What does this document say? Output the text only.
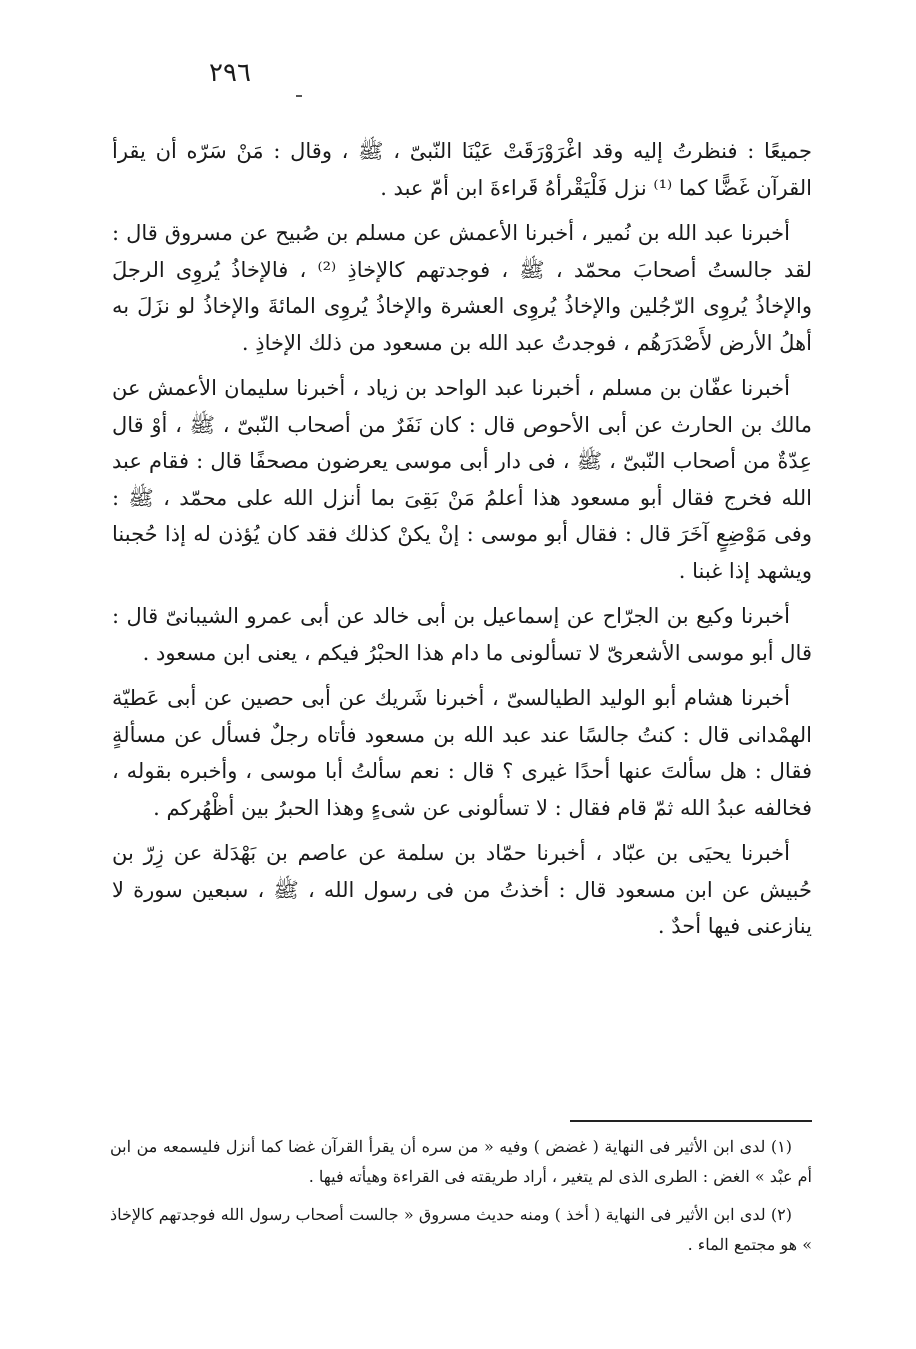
٢٩٦

جميعًا : فنظرتُ إليه وقد اغْرَوْرَقَتْ عَيْنَا النّبىّ ، ﷺ ، وقال : مَنْ سَرّه أن يقرأ القرآن غَضًّا كما ⁽¹⁾ نزل فَلْيَقْرأهُ قَراءةَ ابن أمّ عبد .

أخبرنا عبد الله بن نُمير ، أخبرنا الأعمش عن مسلم بن صُبيح عن مسروق قال : لقد جالستُ أصحابَ محمّد ، ﷺ ، فوجدتهم كالإخاذِ ⁽²⁾ ، فالإخاذُ يُروِى الرجلَ والإخاذُ يُروِى الرّجُلين والإخاذُ يُروِى العشرة والإخاذُ يُروِى المائةَ والإخاذُ لو نزَلَ به أهلُ الأرض لأَصْدَرَهُم ، فوجدتُ عبد الله بن مسعود من ذلك الإخاذِ .

أخبرنا عفّان بن مسلم ، أخبرنا عبد الواحد بن زياد ، أخبرنا سليمان الأعمش عن مالك بن الحارث عن أبى الأحوص قال : كان نَفَرٌ من أصحاب النّبىّ ، ﷺ ، أوْ قال عِدّةٌ من أصحاب النّبىّ ، ﷺ ، فى دار أبى موسى يعرضون مصحفًا قال : فقام عبد الله فخرج فقال أبو مسعود هذا أعلمُ مَنْ بَقِىَ بما أنزل الله على محمّد ، ﷺ : وفى مَوْضِعٍ آخَرَ قال : فقال أبو موسى : إنْ يكنْ كذلك فقد كان يُؤذن له إذا حُجبنا ويشهد إذا غبنا .

أخبرنا وكيع بن الجرّاح عن إسماعيل بن أبى خالد عن أبى عمرو الشيبانىّ قال : قال أبو موسى الأشعرىّ لا تسألونى ما دام هذا الحبْرُ فيكم ، يعنى ابن مسعود .

أخبرنا هشام أبو الوليد الطيالسىّ ، أخبرنا شَريك عن أبى حصين عن أبى عَطيّة الهمْدانى قال : كنتُ جالسًا عند عبد الله بن مسعود فأتاه رجلٌ فسأل عن مسألةٍ فقال : هل سألتَ عنها أحدًا غيرى ؟ قال : نعم سألتُ أبا موسى ، وأخبره بقوله ، فخالفه عبدُ الله ثمّ قام فقال : لا تسألونى عن شىءٍ وهذا الحبرُ بين أظْهُركم .

أخبرنا يحيَى بن عبّاد ، أخبرنا حمّاد بن سلمة عن عاصم بن بَهْدَلة عن زِرّ بن حُبيش عن ابن مسعود قال : أخذتُ من فى رسول الله ، ﷺ ، سبعين سورة لا ينازعنى فيها أحدٌ .

(١) لدى ابن الأثير فى النهاية ( غضض ) وفيه « من سره أن يقرأ القرآن غضا كما أنزل فليسمعه من ابن أم عبْد » الغض : الطرى الذى لم يتغير ، أراد طريقته فى القراءة وهيأته فيها .

(٢) لدى ابن الأثير فى النهاية ( أخذ ) ومنه حديث مسروق « جالست أصحاب رسول الله فوجدتهم كالإخاذ » هو مجتمع الماء .
